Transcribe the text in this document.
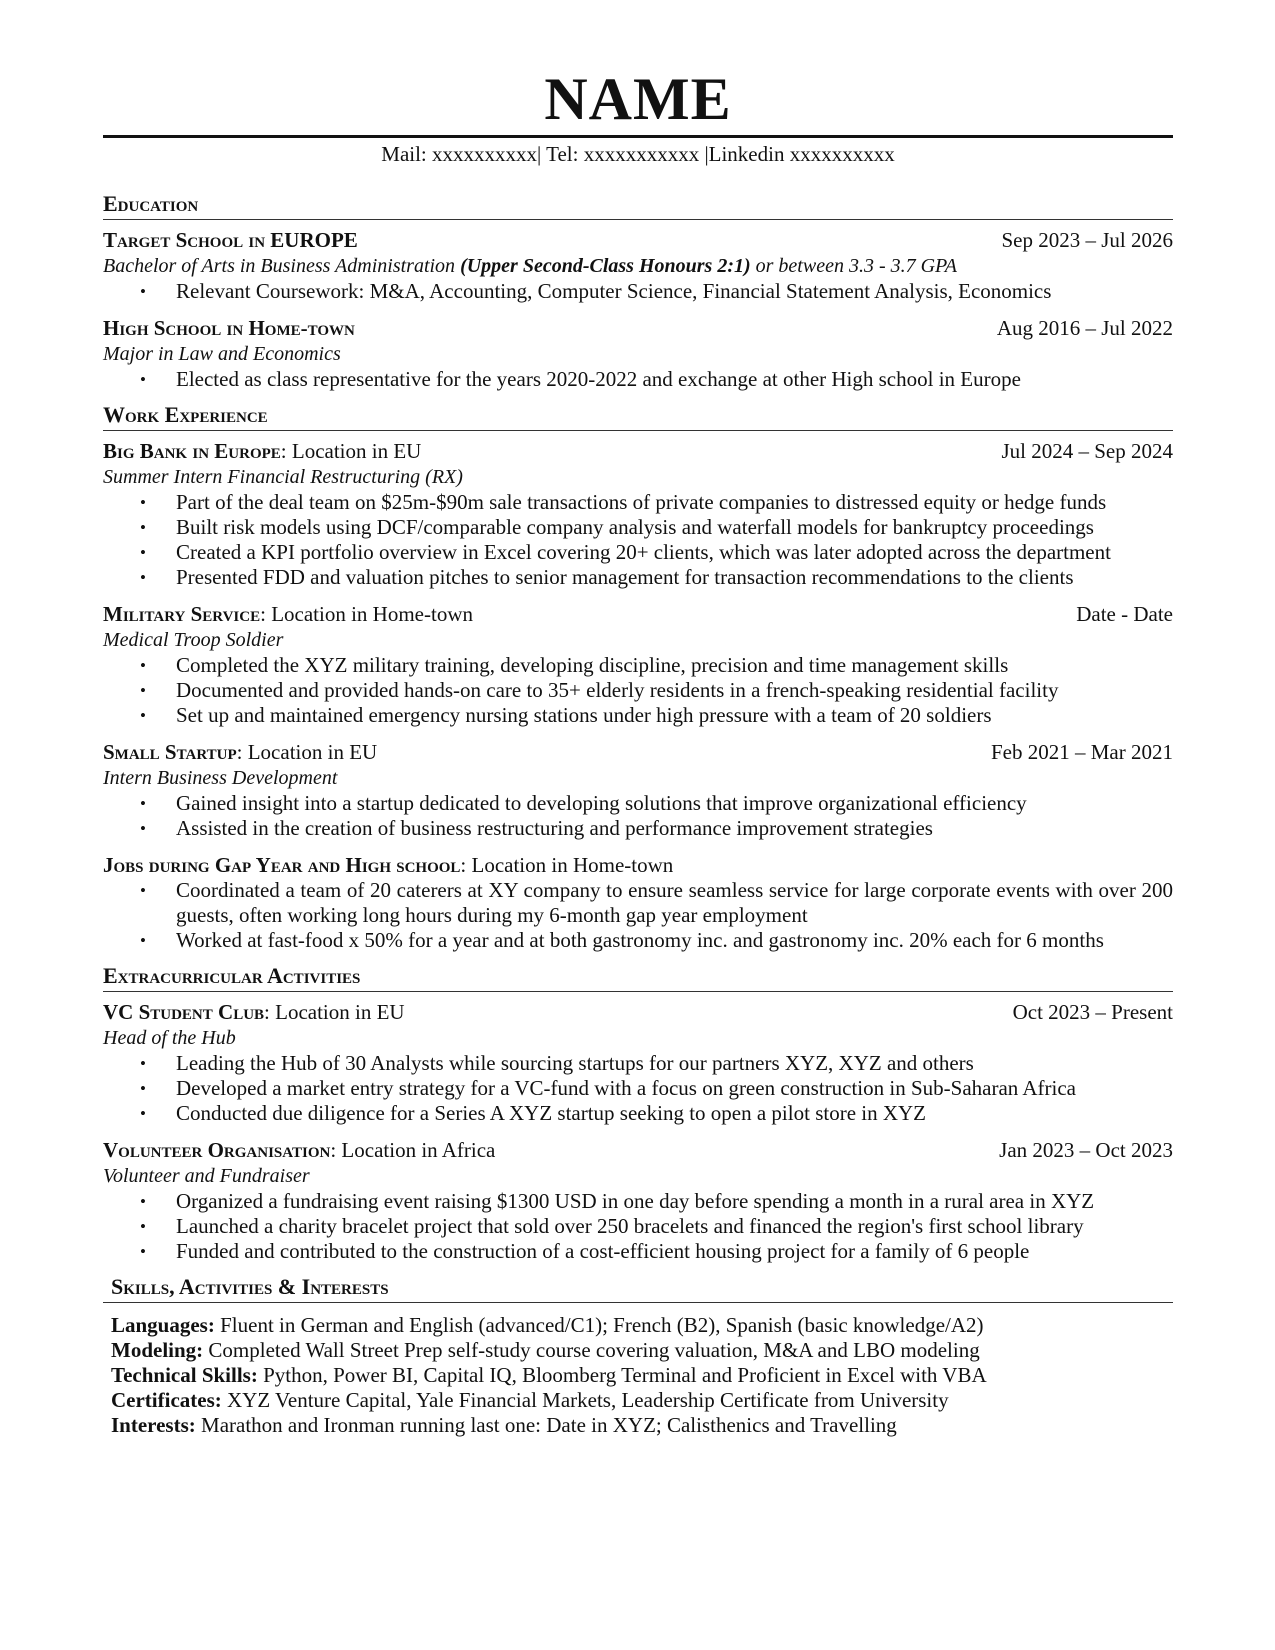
NAME
Mail: xxxxxxxxxx| Tel: xxxxxxxxxxx |Linkedin xxxxxxxxxx
Education
Target School in EUROPE	Sep 2023 – Jul 2026
Bachelor of Arts in Business Administration (Upper Second-Class Honours 2:1) or between 3.3 - 3.7 GPA
• Relevant Coursework: M&A, Accounting, Computer Science, Financial Statement Analysis, Economics
High School in Home-town	Aug 2016 – Jul 2022
Major in Law and Economics
• Elected as class representative for the years 2020-2022 and exchange at other High school in Europe
Work Experience
Big Bank in Europe: Location in EU	Jul 2024 – Sep 2024
Summer Intern Financial Restructuring (RX)
• Part of the deal team on $25m-$90m sale transactions of private companies to distressed equity or hedge funds
• Built risk models using DCF/comparable company analysis and waterfall models for bankruptcy proceedings
• Created a KPI portfolio overview in Excel covering 20+ clients, which was later adopted across the department
• Presented FDD and valuation pitches to senior management for transaction recommendations to the clients
Military Service: Location in Home-town	Date - Date
Medical Troop Soldier
• Completed the XYZ military training, developing discipline, precision and time management skills
• Documented and provided hands-on care to 35+ elderly residents in a french-speaking residential facility
• Set up and maintained emergency nursing stations under high pressure with a team of 20 soldiers
Small Startup: Location in EU	Feb 2021 – Mar 2021
Intern Business Development
• Gained insight into a startup dedicated to developing solutions that improve organizational efficiency
• Assisted in the creation of business restructuring and performance improvement strategies
Jobs during Gap Year and High school: Location in Home-town
• Coordinated a team of 20 caterers at XY company to ensure seamless service for large corporate events with over 200 guests, often working long hours during my 6-month gap year employment
• Worked at fast-food x 50% for a year and at both gastronomy inc. and gastronomy inc. 20% each for 6 months
Extracurricular Activities
VC Student Club: Location in EU	Oct 2023 – Present
Head of the Hub
• Leading the Hub of 30 Analysts while sourcing startups for our partners XYZ, XYZ and others
• Developed a market entry strategy for a VC-fund with a focus on green construction in Sub-Saharan Africa
• Conducted due diligence for a Series A XYZ startup seeking to open a pilot store in XYZ
Volunteer Organisation: Location in Africa	Jan 2023 – Oct 2023
Volunteer and Fundraiser
• Organized a fundraising event raising $1300 USD in one day before spending a month in a rural area in XYZ
• Launched a charity bracelet project that sold over 250 bracelets and financed the region's first school library
• Funded and contributed to the construction of a cost-efficient housing project for a family of 6 people
Skills, Activities & Interests
Languages: Fluent in German and English (advanced/C1); French (B2), Spanish (basic knowledge/A2)
Modeling: Completed Wall Street Prep self-study course covering valuation, M&A and LBO modeling
Technical Skills: Python, Power BI, Capital IQ, Bloomberg Terminal and Proficient in Excel with VBA
Certificates: XYZ Venture Capital, Yale Financial Markets, Leadership Certificate from University
Interests: Marathon and Ironman running last one: Date in XYZ; Calisthenics and Travelling
